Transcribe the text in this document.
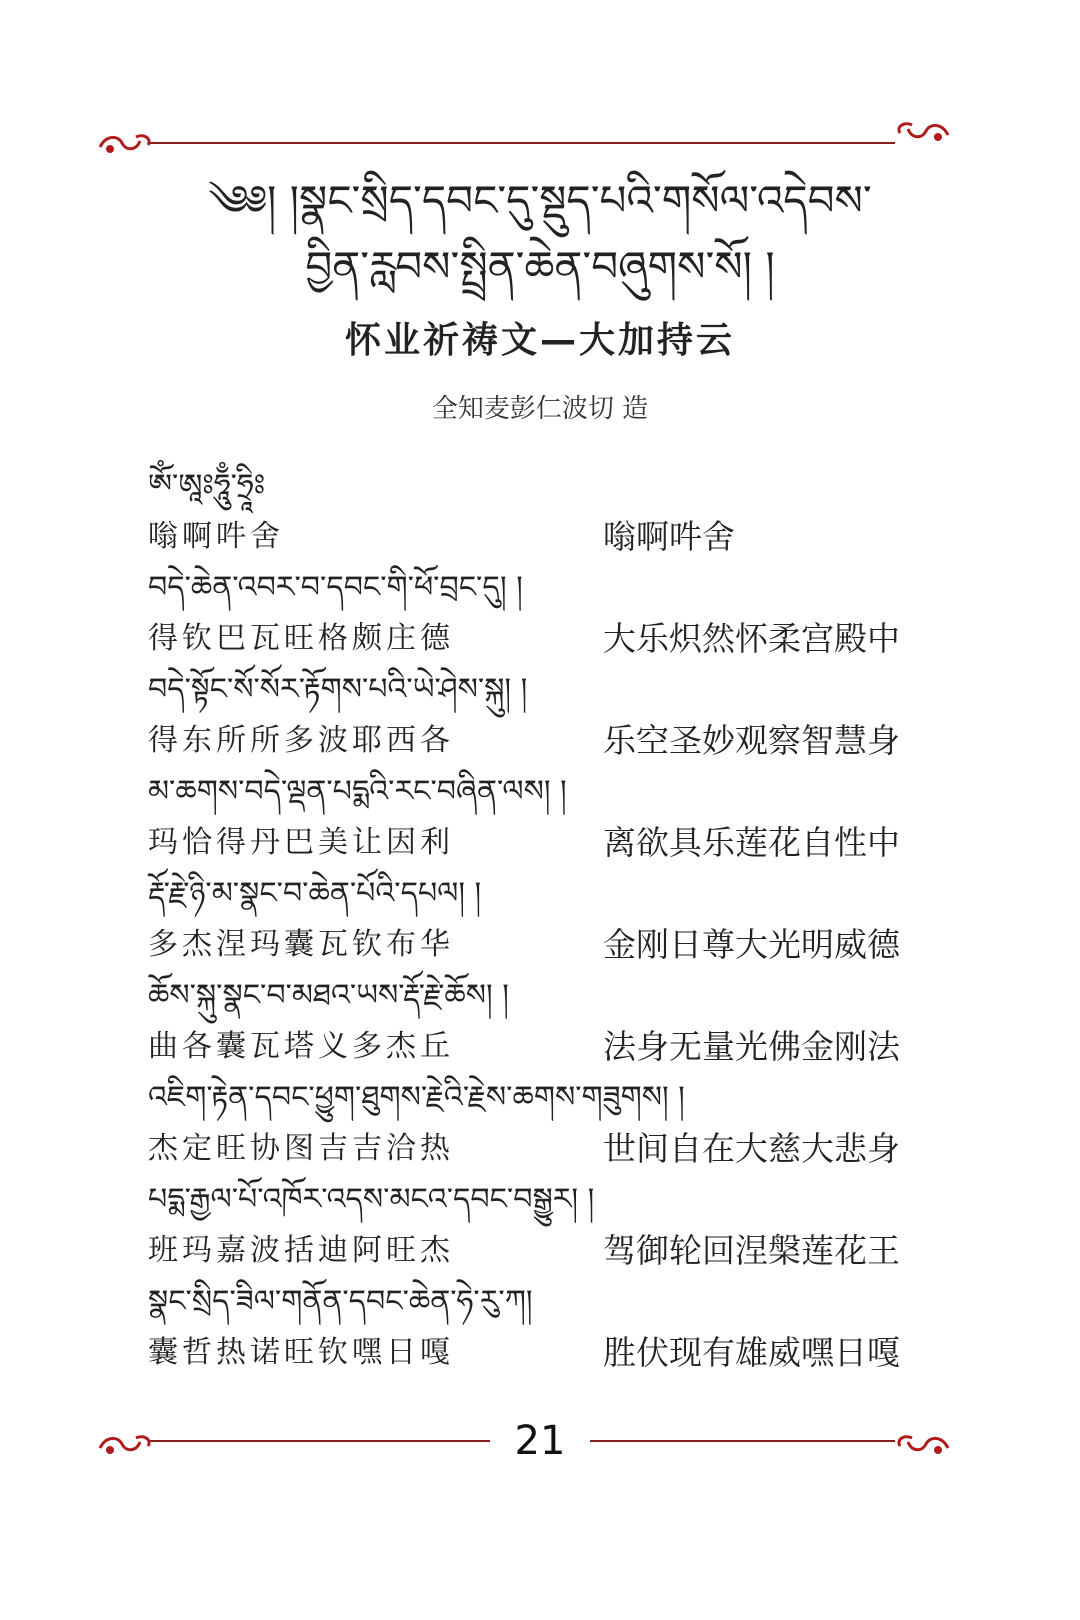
༄༅། །སྣང་སྲིད་དབང་དུ་སྡུད་པའི་གསོལ་འདེབས་
བྱིན་རླབས་སྤྲིན་ཆེན་བཞུགས་སོ། །
怀业祈祷文—大加持云
全知麦彭仁波切 造
ཨོཾ་ཨཱཿཧཱུྃ་ཧྲཱིཿ
嗡啊吽舍	嗡啊吽舍
བདེ་ཆེན་འབར་བ་དབང་གི་ཕོ་བྲང་དུ། །
得钦巴瓦旺格颇庄德	大乐炽然怀柔宫殿中
བདེ་སྟོང་སོ་སོར་རྟོགས་པའི་ཡེ་ཤེས་སྐུ། །
得东所所多波耶西各	乐空圣妙观察智慧身
མ་ཆགས་བདེ་ལྡན་པདྨའི་རང་བཞིན་ལས། །
玛恰得丹巴美让因利	离欲具乐莲花自性中
རྡོ་རྗེ་ཉི་མ་སྣང་བ་ཆེན་པོའི་དཔལ། །
多杰涅玛囊瓦钦布华	金刚日尊大光明威德
ཆོས་སྐུ་སྣང་བ་མཐའ་ཡས་རྡོ་རྗེ་ཆོས། །
曲各囊瓦塔义多杰丘	法身无量光佛金刚法
འཇིག་རྟེན་དབང་ཕྱུག་ཐུགས་རྗེའི་རྗེས་ཆགས་གཟུགས། །
杰定旺协图吉吉洽热	世间自在大慈大悲身
པདྨ་རྒྱལ་པོ་འཁོར་འདས་མངའ་དབང་བསྒྱུར། །
班玛嘉波括迪阿旺杰	驾御轮回涅槃莲花王
སྣང་སྲིད་ཟིལ་གནོན་དབང་ཆེན་ཧེ་རུ་ཀ།
囊哲热诺旺钦嘿日嘎	胜伏现有雄威嘿日嘎
21
